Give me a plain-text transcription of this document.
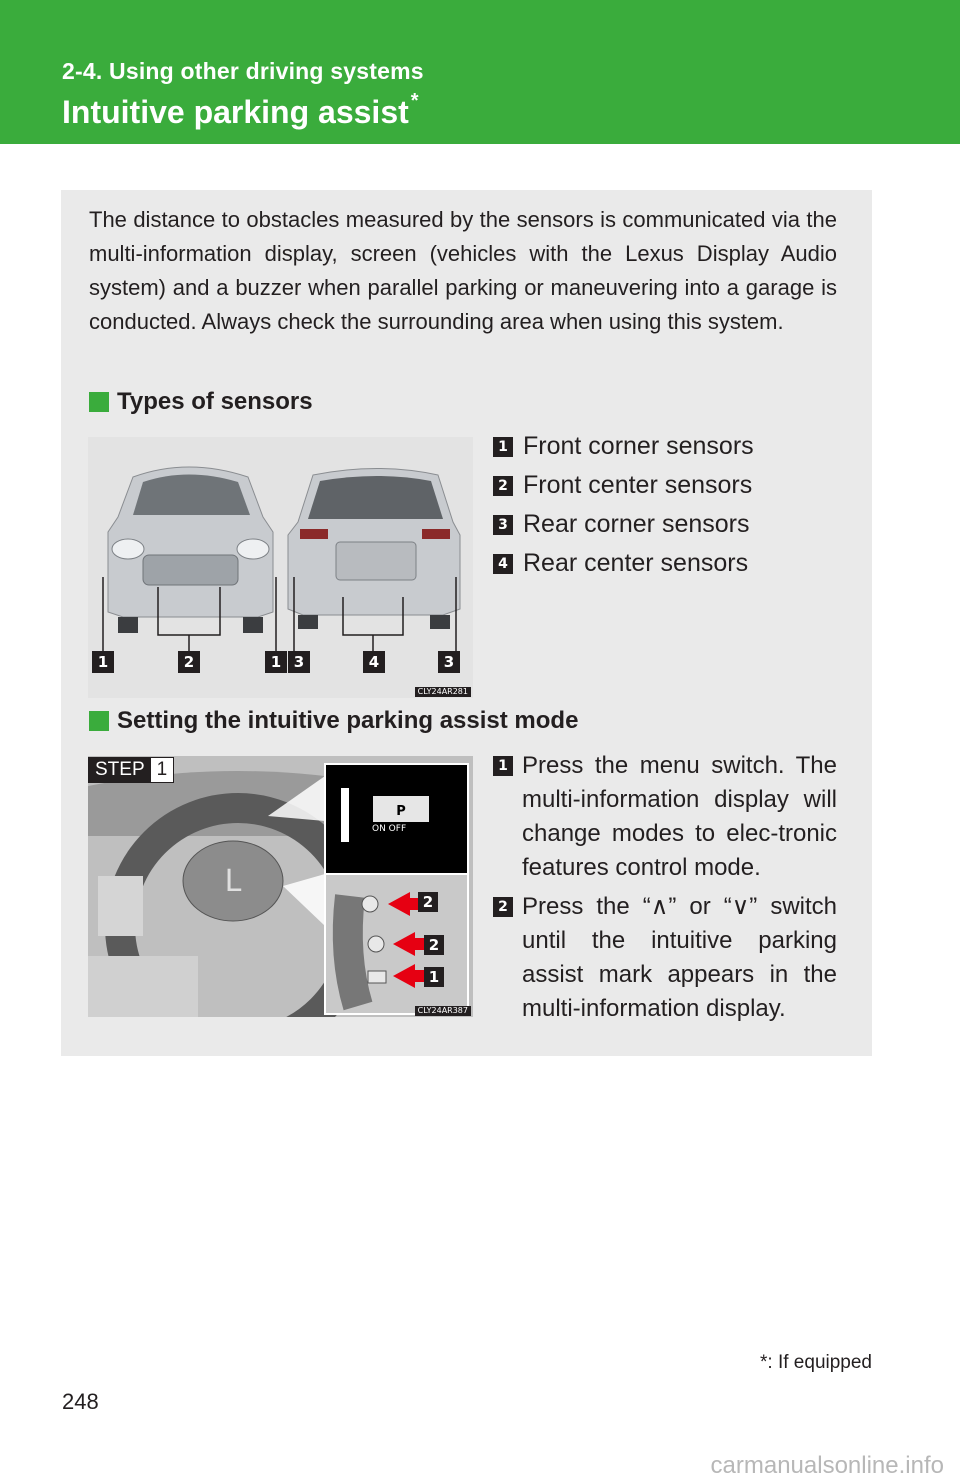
2-4. Using other driving systems
Intuitive parking assist *

The distance to obstacles measured by the sensors is communicated via the multi-information display, screen (vehicles with the Lexus Display Audio system) and a buzzer when parallel parking or maneuvering into a garage is conducted. Always check the surrounding area when using this system.

Types of sensors
1	2	1 3	4	3
CLY24AR281
1 Front corner sensors
2 Front center sensors
3 Rear corner sensors
4 Rear center sensors
Setting the intuitive parking assist mode
L
P
ON OFF
2
2
1
CLY24AR387
STEP 1	1 Press the menu switch. The multi-information display will change modes to elec-tronic features control mode.
2 Press the “∧” or “∨” switch until the intuitive parking assist mark appears in the multi-information display.
*: If equipped
248
carmanualsonline.info
